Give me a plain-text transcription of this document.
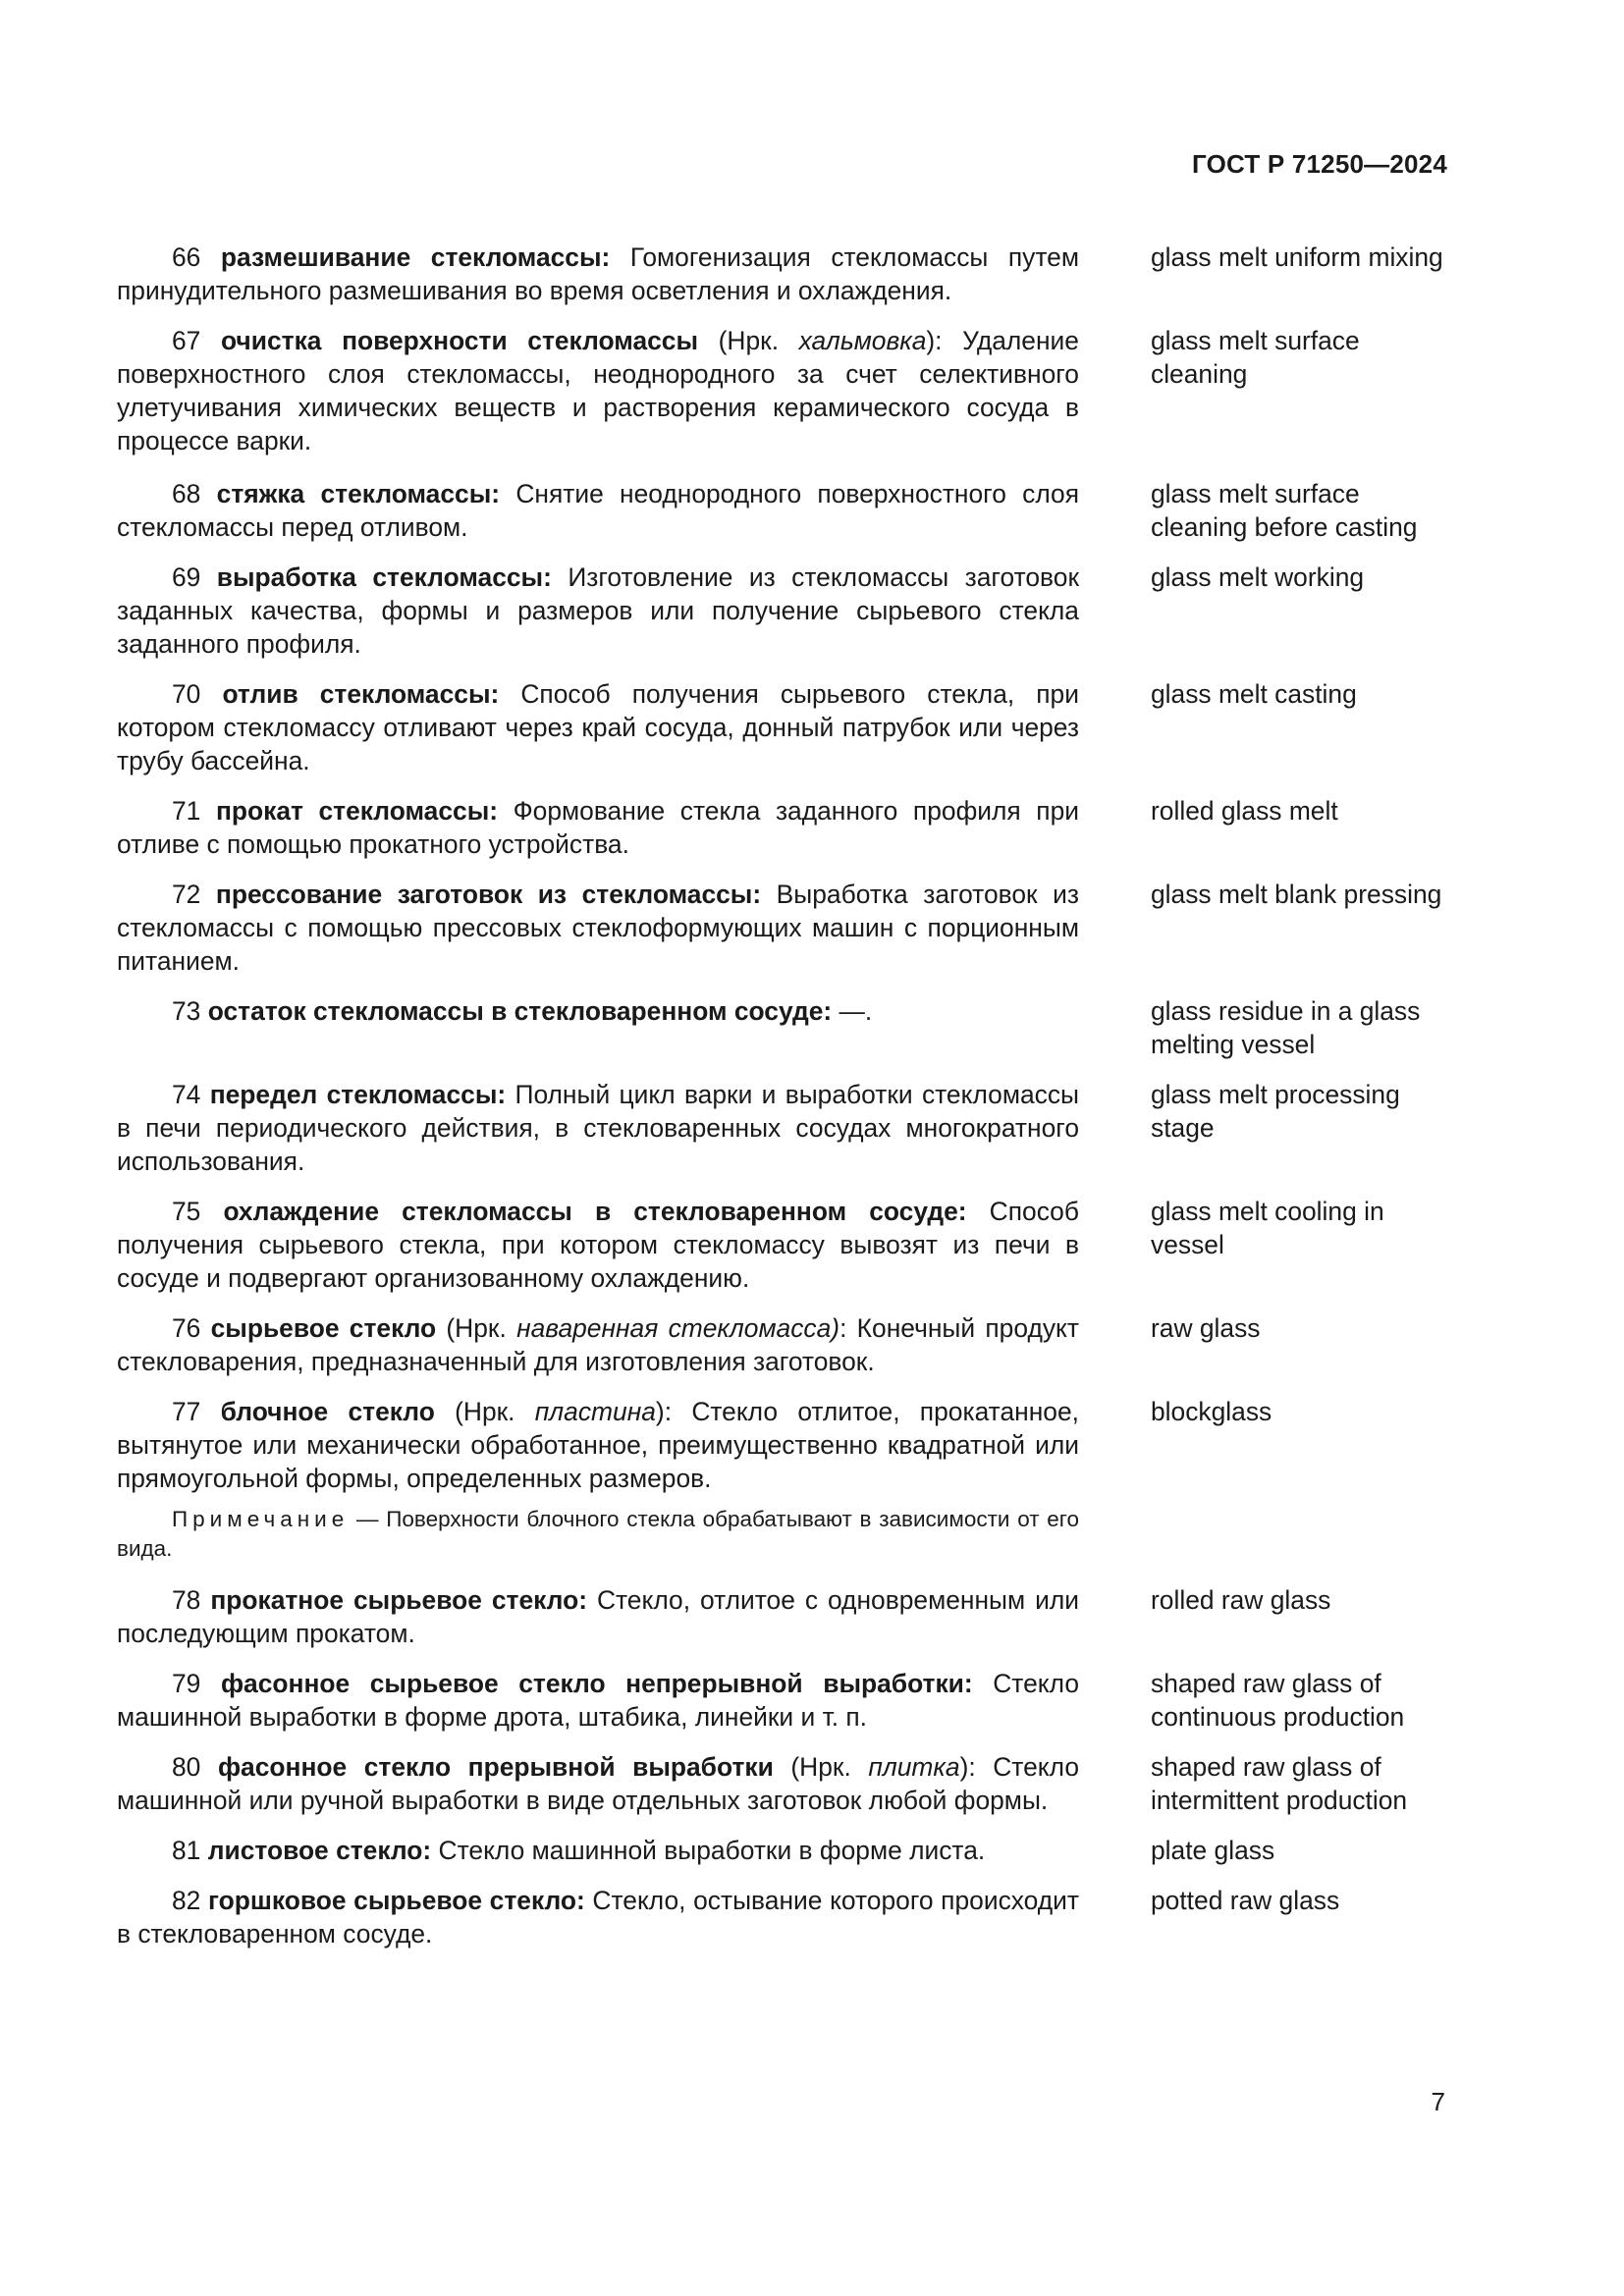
ГОСТ Р 71250—2024
66 размешивание стекломассы: Гомогенизация стекломассы путем принудительного размешивания во время осветления и охлаждения.
glass melt uniform mixing
67 очистка поверхности стекломассы (Нрк. хальмовка): Удаление поверхностного слоя стекломассы, неоднородного за счет селективного улетучивания химических веществ и растворения керамического сосуда в процессе варки.
glass melt surface cleaning
68 стяжка стекломассы: Снятие неоднородного поверхностного слоя стекломассы перед отливом.
glass melt surface cleaning before casting
69 выработка стекломассы: Изготовление из стекломассы заготовок заданных качества, формы и размеров или получение сырьевого стекла заданного профиля.
glass melt working
70 отлив стекломассы: Способ получения сырьевого стекла, при котором стекломассу отливают через край сосуда, донный патрубок или через трубу бассейна.
glass melt casting
71 прокат стекломассы: Формование стекла заданного профиля при отливе с помощью прокатного устройства.
rolled glass melt
72 прессование заготовок из стекломассы: Выработка заготовок из стекломассы с помощью прессовых стеклоформующих машин с порционным питанием.
glass melt blank pressing
73 остаток стекломассы в стекловаренном сосуде: —.	glass residue in a glass melting vessel
74 передел стекломассы: Полный цикл варки и выработки стекломассы в печи периодического действия, в стекловаренных сосудах многократного использования.
glass melt processing stage
75 охлаждение стекломассы в стекловаренном сосуде: Способ получения сырьевого стекла, при котором стекломассу вывозят из печи в сосуде и подвергают организованному охлаждению.
glass melt cooling in vessel
76 сырьевое стекло (Нрк. наваренная стекломасса): Конечный продукт стекловарения, предназначенный для изготовления заготовок.
raw glass
77 блочное стекло (Нрк. пластина): Стекло отлитое, прокатанное, вытянутое или механически обработанное, преимущественно квадратной или прямоугольной формы, определенных размеров.
blockglass
Примечание — Поверхности блочного стекла обрабатывают в зависимости от его вида.
78 прокатное сырьевое стекло: Стекло, отлитое с одновременным или последующим прокатом.
rolled raw glass
79 фасонное сырьевое стекло непрерывной выработки: Стекло машинной выработки в форме дрота, штабика, линейки и т. п.
shaped raw glass of continuous production
80 фасонное стекло прерывной выработки (Нрк. плитка): Стекло машинной или ручной выработки в виде отдельных заготовок любой формы.
shaped raw glass of intermittent production
81 листовое стекло: Стекло машинной выработки в форме листа.	plate glass
82 горшковое сырьевое стекло: Стекло, остывание которого происходит в стекловаренном сосуде.
potted raw glass
7
